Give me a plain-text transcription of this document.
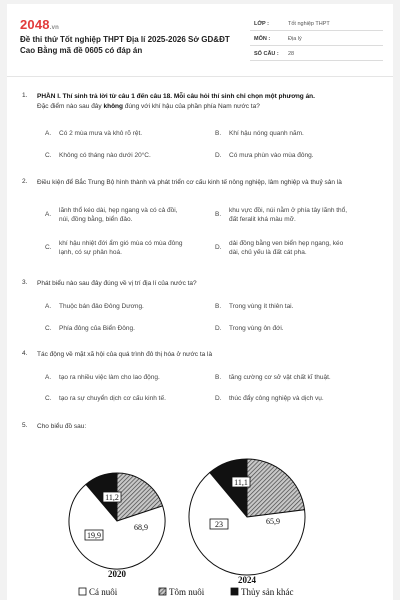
2048.vn
Đề thi thử Tốt nghiệp THPT Địa lí 2025-2026 Sở GD&ĐT Cao Bằng mã đề 0605 có đáp án
LỚP :	Tốt nghiệp THPT
MÔN :	Địa lý
SỐ CÂU : 28
1. PHẦN I. Thí sinh trả lời từ câu 1 đến câu 18. Mỗi câu hỏi thí sinh chỉ chọn một phương án.
Đặc điểm nào sau đây không đúng với khí hậu của phần phía Nam nước ta?
A. Có 2 mùa mưa và khô rõ rệt.	B. Khí hậu nóng quanh năm.
C. Không có tháng nào dưới 20°C.	D. Có mưa phùn vào mùa đông.
2. Điều kiện để Bắc Trung Bộ hình thành và phát triển cơ cấu kinh tế nông nghiệp, lâm nghiệp và thuỷ sản là
A.
lãnh thổ kéo dài, hẹp ngang và có cả đồi,
núi, đồng bằng, biển đảo.
B.
khu vực đồi, núi nằm ở phía tây lãnh thổ,
đất feralit khá màu mỡ.
C.
khí hậu nhiệt đới ẩm gió mùa có mùa đông
lạnh, có sự phân hoá.
D.
dải đồng bằng ven biển hẹp ngang, kéo
dài, chủ yếu là đất cát pha.
3. Phát biểu nào sau đây đúng về vị trí địa lí của nước ta?
A. Thuộc bán đảo Đông Dương.	B. Trong vùng ít thiên tai.
C. Phía đông của Biển Đông.	D. Trong vùng ôn đới.
4. Tác động về mặt xã hội của quá trình đô thị hóa ở nước ta là
A. tạo ra nhiều việc làm cho lao động.	B. tăng cường cơ sở vật chất kĩ thuật.
C. tạo ra sự chuyển dịch cơ cấu kinh tế.	D. thúc đẩy công nghiệp và dịch vụ.
5. Cho biểu đồ sau:
68,9
19,9
11,2
2020
65,9
23
11,1
2024
Cá nuôi	Tôm nuôi	Thủy sản khác
